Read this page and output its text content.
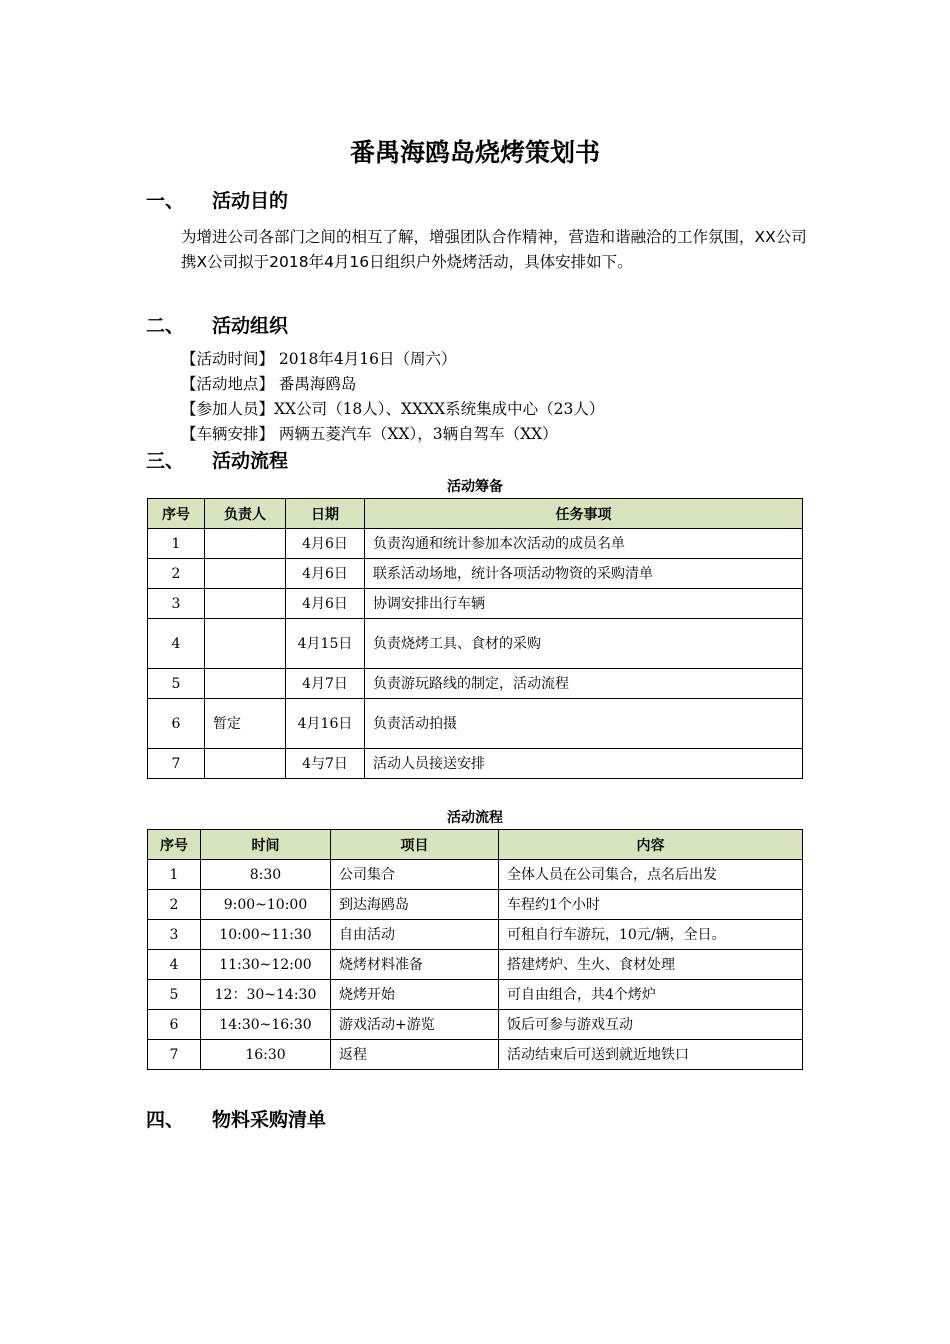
番禺海鸥岛烧烤策划书
一、 活动目的
为增进公司各部门之间的相互了解，增强团队合作精神，营造和谐融洽的工作氛围，XX公司携X公司拟于2018年4月16日组织户外烧烤活动，具体安排如下。
二、 活动组织
【活动时间】 2018年4月16日（周六）
【活动地点】 番禺海鸥岛
【参加人员】XX公司（18人）、XXXX系统集成中心（23人）
【车辆安排】 两辆五菱汽车（XX），3辆自驾车（XX）
三、 活动流程
活动筹备
序号	负责人	日期	任务事项
1		4月6日	负责沟通和统计参加本次活动的成员名单
2		4月6日	联系活动场地，统计各项活动物资的采购清单
3		4月6日	协调安排出行车辆
4		4月15日	负责烧烤工具、食材的采购
5		4月7日	负责游玩路线的制定，活动流程
6	暂定	4月16日	负责活动拍摄
7		4与7日	活动人员接送安排
活动流程
序号	时间	项目	内容
1	8:30	公司集合	全体人员在公司集合，点名后出发
2	9:00~10:00	到达海鸥岛	车程约1个小时
3	10:00~11:30	自由活动	可租自行车游玩，10元/辆，全日。
4	11:30~12:00	烧烤材料准备	搭建烤炉、生火、食材处理
5	12：30~14:30	烧烤开始	可自由组合，共4个烤炉
6	14:30~16:30	游戏活动+游览	饭后可参与游戏互动
7	16:30	返程	活动结束后可送到就近地铁口
四、 物料采购清单
